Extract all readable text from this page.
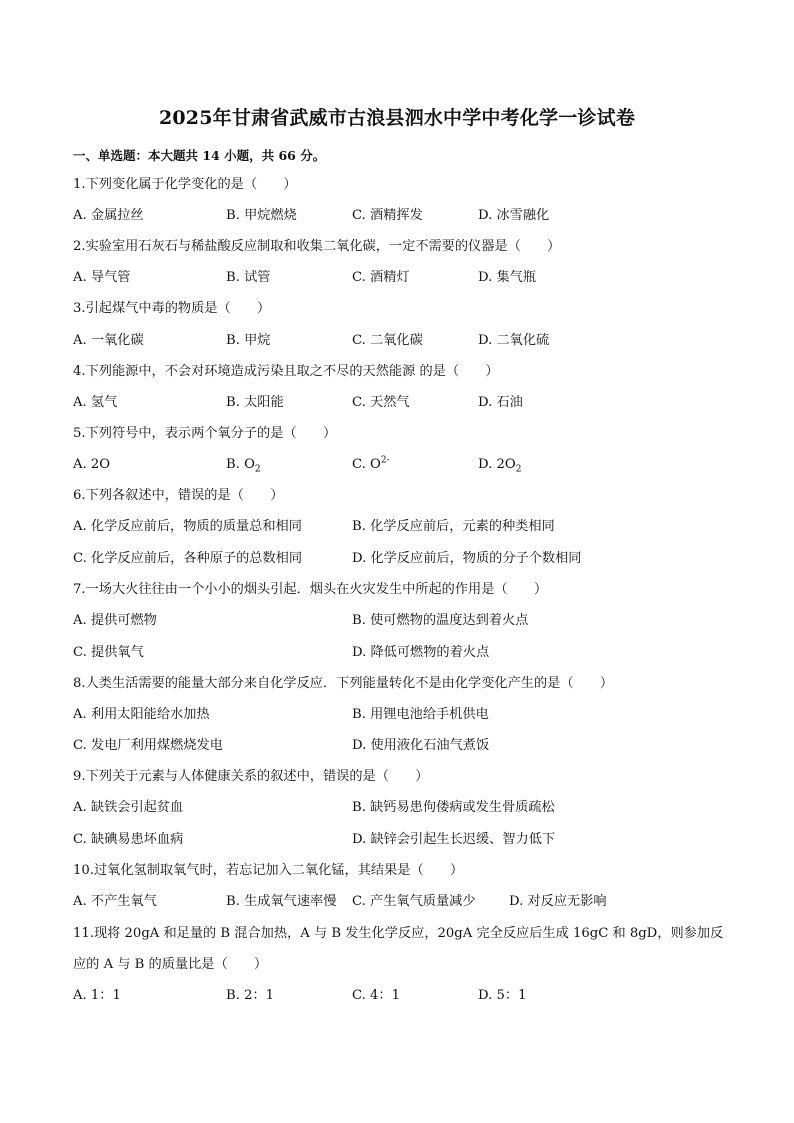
2025年甘肃省武威市古浪县泗水中学中考化学一诊试卷
一、单选题：本大题共 14 小题，共 66 分。
1.下列变化属于化学变化的是（　　）
A. 金属拉丝	B. 甲烷燃烧	C. 酒精挥发	D. 冰雪融化
2.实验室用石灰石与稀盐酸反应制取和收集二氧化碳，一定不需要的仪器是（　　）
A. 导气管	B. 试管	C. 酒精灯	D. 集气瓶
3.引起煤气中毒的物质是（　　）
A. 一氧化碳	B. 甲烷	C. 二氧化碳	D. 二氧化硫
4.下列能源中，不会对环境造成污染且取之不尽的天然能源 的是（　　）
A. 氢气	B. 太阳能	C. 天然气	D. 石油
5.下列符号中，表示两个氧分子的是（　　）
A. 2O	B. $O_2$	C. $O^{2-}$	D. $2O_2$
6.下列各叙述中，错误的是（　　）
A. 化学反应前后，物质的质量总和相同	B. 化学反应前后，元素的种类相同
C. 化学反应前后，各种原子的总数相同	D. 化学反应前后，物质的分子个数相同
7.一场大火往往由一个小小的烟头引起．烟头在火灾发生中所起的作用是（　　）
A. 提供可燃物	B. 使可燃物的温度达到着火点
C. 提供氧气	D. 降低可燃物的着火点
8.人类生活需要的能量大部分来自化学反应．下列能量转化不是由化学变化产生的是（　　）
A. 利用太阳能给水加热	B. 用锂电池给手机供电
C. 发电厂利用煤燃烧发电	D. 使用液化石油气煮饭
9.下列关于元素与人体健康关系的叙述中，错误的是（　　）
A. 缺铁会引起贫血	B. 缺钙易患佝偻病或发生骨质疏松
C. 缺碘易患坏血病	D. 缺锌会引起生长迟缓、智力低下
10.过氧化氢制取氧气时，若忘记加入二氧化锰，其结果是（　　）
A. 不产生氧气	B. 生成氧气速率慢 C. 产生氧气质量减少	D. 对反应无影响
11.现将 20gA 和足量的 B 混合加热，A 与 B 发生化学反应，20gA 完全反应后生成 16gC 和 8gD，则参加反
应的 A 与 B 的质量比是（　　）
A. 1：1	B. 2：1	C. 4：1	D. 5：1
